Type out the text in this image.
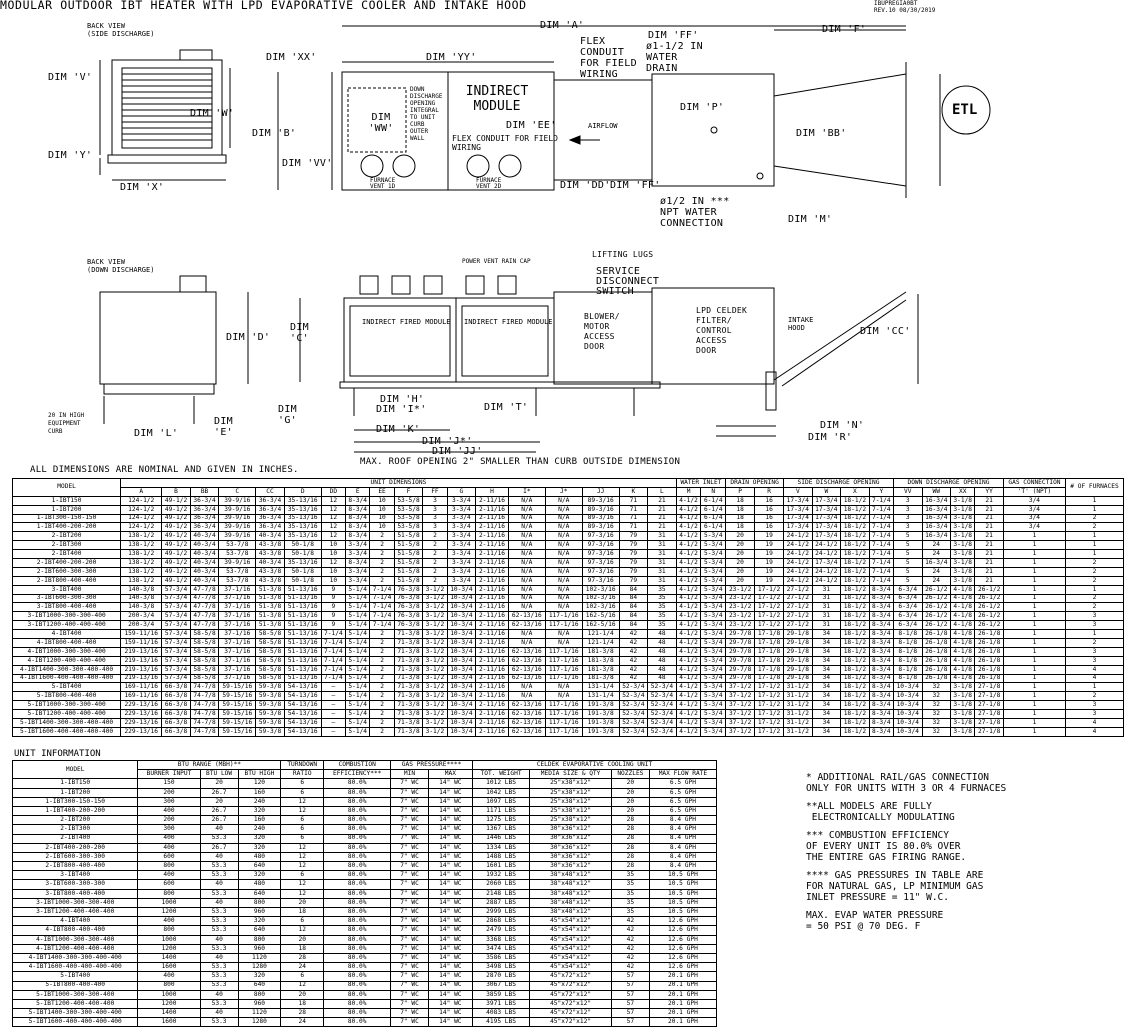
MODULAR OUTDOOR IBT HEATER WITH LPD EVAPORATIVE COOLER AND INTAKE HOOD	IBUPREGIA0BT
REV.10 08/30/2019
BACK VIEW
(SIDE DISCHARGE)
DIM 'V'
DIM 'W'
DIM 'Y'
DIM 'X'
DIM 'A'	DIM 'F'
DIM 'FF'
ø1-1/2 IN
WATER
DRAIN
FLEX
CONDUIT
FOR FIELD
WIRING
DIM 'XX'	DIM 'YY'
DIM 'B'
DIM 'VV'
DIM 'WW'
DOWN DISCHARGE OPENING INTEGRAL TO UNIT CURB OUTER WALL
INDIRECT MODULE
DIM 'EE'
FLEX CONDUIT FOR FIELD WIRING
FURNACE VENT 1D
FURNACE VENT 2D
AIRFLOW
DIM 'P'
DIM 'BB'
DIM 'DD' DIM 'FF'
ø1/2 IN ***
NPT WATER
CONNECTION	DIM 'M'
ETL
BACK VIEW
(DOWN DISCHARGE)
POWER VENT RAIN CAP
LIFTING LUGS
SERVICE
DISCONNECT
SWITCH
DIM 'D'
DIM 'C'
INDIRECT FIRED MODULE INDIRECT FIRED MODULE
BLOWER/
MOTOR
ACCESS
DOOR
LPD CELDEK
FILTER/
CONTROL
ACCESS
DOOR
INTAKE
HOOD	DIM 'CC'
20 IN HIGH
EQUIPMENT
CURB	DIM 'L'
DIM 'E'
DIM 'G'
DIM 'H'
DIM 'I*'	DIM 'T'
DIM 'K'
DIM 'J*'
DIM 'JJ'
DIM 'N'
DIM 'R'
MAX. ROOF OPENING 2" SMALLER THAN CURB OUTSIDE DIMENSION
ALL DIMENSIONS ARE NOMINAL AND GIVEN IN INCHES.
MODEL	UNIT DIMENSIONS																		WATER INLET		DRAIN OPENING		SIDE DISCHARGE OPENING				DOWN DISCHARGE OPENING				GAS CONNECTION	# OF FURNACES
	A	B	BB	C	CC	D	DD	E	EE	F	FF	G	H	I*	J*	JJ	K	L	M	N	P	R	V	W	X	Y	VV	WW	XX	YY	'T' (NPT)	
1-IBT150	124-1/2	49-1/2	36-3/4	39-9/16	36-3/4	35-13/16	12	8-3/4	10	53-5/8	3	3-3/4	2-11/16	N/A	N/A	89-3/16	71	21	4-1/2	6-1/4	18	16	17-3/4	17-3/4	18-1/2	7-1/4	3	16-3/4	3-1/8	21	3/4	1
1-IBT200	124-1/2	49-1/2	36-3/4	39-9/16	36-3/4	35-13/16	12	8-3/4	10	53-5/8	3	3-3/4	2-11/16	N/A	N/A	89-3/16	71	21	4-1/2	6-1/4	18	16	17-3/4	17-3/4	18-1/2	7-1/4	3	16-3/4	3-1/8	21	3/4	1
1-IBT300-150-150	124-1/2	49-1/2	36-3/4	39-9/16	36-3/4	35-13/16	12	8-3/4	10	53-5/8	3	3-3/4	2-11/16	N/A	N/A	89-3/16	71	21	4-1/2	6-1/4	18	16	17-3/4	17-3/4	18-1/2	7-1/4	3	16-3/4	3-1/8	21	3/4	2
1-IBT400-200-200	124-1/2	49-1/2	36-3/4	39-9/16	36-3/4	35-13/16	12	8-3/4	10	53-5/8	3	3-3/4	2-11/16	N/A	N/A	89-3/16	71	21	4-1/2	6-1/4	18	16	17-3/4	17-3/4	18-1/2	7-1/4	3	16-3/4	3-1/8	21	3/4	2
2-IBT200	138-1/2	49-1/2	40-3/4	39-9/16	40-3/4	35-13/16	12	8-3/4	2	51-5/8	2	3-3/4	2-11/16	N/A	N/A	97-3/16	79	31	4-1/2	5-3/4	20	19	24-1/2	17-3/4	18-1/2	7-1/4	5	16-3/4	3-1/8	21	1	1
2-IBT300	138-1/2	49-1/2	40-3/4	53-7/8	43-3/8	50-1/8	10	3-3/4	2	51-5/8	2	3-3/4	2-11/16	N/A	N/A	97-3/16	79	31	4-1/2	5-3/4	20	19	24-1/2	24-1/2	18-1/2	7-1/4	5	24	3-1/8	21	1	1
2-IBT400	138-1/2	49-1/2	40-3/4	53-7/8	43-3/8	50-1/8	10	3-3/4	2	51-5/8	2	3-3/4	2-11/16	N/A	N/A	97-3/16	79	31	4-1/2	5-3/4	20	19	24-1/2	24-1/2	18-1/2	7-1/4	5	24	3-1/8	21	1	1
2-IBT400-200-200	138-1/2	49-1/2	40-3/4	39-9/16	40-3/4	35-13/16	12	8-3/4	2	51-5/8	2	3-3/4	2-11/16	N/A	N/A	97-3/16	79	31	4-1/2	5-3/4	20	19	24-1/2	17-3/4	18-1/2	7-1/4	5	16-3/4	3-1/8	21	1	2
2-IBT600-300-300	138-1/2	49-1/2	40-3/4	53-7/8	43-3/8	50-1/8	10	3-3/4	2	51-5/8	2	3-3/4	2-11/16	N/A	N/A	97-3/16	79	31	4-1/2	5-3/4	20	19	24-1/2	24-1/2	18-1/2	7-1/4	5	24	3-1/8	21	1	2
2-IBT800-400-400	138-1/2	49-1/2	40-3/4	53-7/8	43-3/8	50-1/8	10	3-3/4	2	51-5/8	2	3-3/4	2-11/16	N/A	N/A	97-3/16	79	31	4-1/2	5-3/4	20	19	24-1/2	24-1/2	18-1/2	7-1/4	5	24	3-1/8	21	1	2
3-IBT400	140-3/8	57-3/4	47-7/8	37-1/16	51-3/8	51-13/16	9	5-1/4	7-1/4	76-3/8	3-1/2	10-3/4	2-11/16	N/A	N/A	102-3/16	84	35	4-1/2	5-3/4	23-1/2	17-1/2	27-1/2	31	18-1/2	8-3/4	6-3/4	26-1/2	4-1/8	26-1/2	1	1
3-IBT600-300-300	140-3/8	57-3/4	47-7/8	37-1/16	51-3/8	51-13/16	9	5-1/4	7-1/4	76-3/8	3-1/2	10-3/4	2-11/16	N/A	N/A	102-3/16	84	35	4-1/2	5-3/4	23-1/2	17-1/2	27-1/2	31	18-1/2	8-3/4	6-3/4	26-1/2	4-1/8	26-1/2	1	2
3-IBT800-400-400	140-3/8	57-3/4	47-7/8	37-1/16	51-3/8	51-13/16	9	5-1/4	7-1/4	76-3/8	3-1/2	10-3/4	2-11/16	N/A	N/A	102-3/16	84	35	4-1/2	5-3/4	23-1/2	17-1/2	27-1/2	31	18-1/2	8-3/4	6-3/4	26-1/2	4-1/8	26-1/2	1	2
3-IBT1000-300-300-400	200-3/4	57-3/4	47-7/8	37-1/16	51-3/8	51-13/16	9	5-1/4	7-1/4	76-3/8	3-1/2	10-3/4	2-11/16	62-13/16	117-1/16	162-5/16	84	35	4-1/2	5-3/4	23-1/2	17-1/2	27-1/2	31	18-1/2	8-3/4	6-3/4	26-1/2	4-1/8	26-1/2	1	3
3-IBT1200-400-400-400	200-3/4	57-3/4	47-7/8	37-1/16	51-3/8	51-13/16	9	5-1/4	7-1/4	76-3/8	3-1/2	10-3/4	2-11/16	62-13/16	117-1/16	162-5/16	84	35	4-1/2	5-3/4	23-1/2	17-1/2	27-1/2	31	18-1/2	8-3/4	6-3/4	26-1/2	4-1/8	26-1/2	1	3
4-IBT400	159-11/16	57-3/4	58-5/8	37-1/16	58-5/8	51-13/16	7-1/4	5-1/4	2	71-3/8	3-1/2	10-3/4	2-11/16	N/A	N/A	121-1/4	42	48	4-1/2	5-3/4	29-7/8	17-1/8	29-1/8	34	18-1/2	8-3/4	8-1/8	26-1/8	4-1/8	26-1/8	1	1
4-IBT800-400-400	159-11/16	57-3/4	58-5/8	37-1/16	58-5/8	51-13/16	7-1/4	5-1/4	2	71-3/8	3-1/2	10-3/4	2-11/16	N/A	N/A	121-1/4	42	48	4-1/2	5-3/4	29-7/8	17-1/8	29-1/8	34	18-1/2	8-3/4	8-1/8	26-1/8	4-1/8	26-1/8	1	2
4-IBT1000-300-300-400	219-13/16	57-3/4	58-5/8	37-1/16	58-5/8	51-13/16	7-1/4	5-1/4	2	71-3/8	3-1/2	10-3/4	2-11/16	62-13/16	117-1/16	181-3/8	42	48	4-1/2	5-3/4	29-7/8	17-1/8	29-1/8	34	18-1/2	8-3/4	8-1/8	26-1/8	4-1/8	26-1/8	1	3
4-IBT1200-400-400-400	219-13/16	57-3/4	58-5/8	37-1/16	58-5/8	51-13/16	7-1/4	5-1/4	2	71-3/8	3-1/2	10-3/4	2-11/16	62-13/16	117-1/16	181-3/8	42	48	4-1/2	5-3/4	29-7/8	17-1/8	29-1/8	34	18-1/2	8-3/4	8-1/8	26-1/8	4-1/8	26-1/8	1	3
4-IBT1400-300-300-400-400	219-13/16	57-3/4	58-5/8	37-1/16	58-5/8	51-13/16	7-1/4	5-1/4	2	71-3/8	3-1/2	10-3/4	2-11/16	62-13/16	117-1/16	181-3/8	42	48	4-1/2	5-3/4	29-7/8	17-1/8	29-1/8	34	18-1/2	8-3/4	8-1/8	26-1/8	4-1/8	26-1/8	1	4
4-IBT1600-400-400-400-400	219-13/16	57-3/4	58-5/8	37-1/16	58-5/8	51-13/16	7-1/4	5-1/4	2	71-3/8	3-1/2	10-3/4	2-11/16	62-13/16	117-1/16	181-3/8	42	48	4-1/2	5-3/4	29-7/8	17-1/8	29-1/8	34	18-1/2	8-3/4	8-1/8	26-1/8	4-1/8	26-1/8	1	4
5-IBT400	169-11/16	66-3/8	74-7/8	59-15/16	59-3/8	54-13/16	–	5-1/4	2	71-3/8	3-1/2	10-3/4	2-11/16	N/A	N/A	131-1/4	52-3/4	52-3/4	4-1/2	5-3/4	37-1/2	17-1/2	31-1/2	34	18-1/2	8-3/4	10-3/4	32	3-1/8	27-1/8	1	1
5-IBT800-400-400	169-11/16	66-3/8	74-7/8	59-15/16	59-3/8	54-13/16	–	5-1/4	2	71-3/8	3-1/2	10-3/4	2-11/16	N/A	N/A	131-1/4	52-3/4	52-3/4	4-1/2	5-3/4	37-1/2	17-1/2	31-1/2	34	18-1/2	8-3/4	10-3/4	32	3-1/8	27-1/8	1	2
5-IBT1000-300-300-400	229-13/16	66-3/8	74-7/8	59-15/16	59-3/8	54-13/16	–	5-1/4	2	71-3/8	3-1/2	10-3/4	2-11/16	62-13/16	117-1/16	191-3/8	52-3/4	52-3/4	4-1/2	5-3/4	37-1/2	17-1/2	31-1/2	34	18-1/2	8-3/4	10-3/4	32	3-1/8	27-1/8	1	3
5-IBT1200-400-400-400	229-13/16	66-3/8	74-7/8	59-15/16	59-3/8	54-13/16	–	5-1/4	2	71-3/8	3-1/2	10-3/4	2-11/16	62-13/16	117-1/16	191-3/8	52-3/4	52-3/4	4-1/2	5-3/4	37-1/2	17-1/2	31-1/2	34	18-1/2	8-3/4	10-3/4	32	3-1/8	27-1/8	1	3
5-IBT1400-300-300-400-400	229-13/16	66-3/8	74-7/8	59-15/16	59-3/8	54-13/16	–	5-1/4	2	71-3/8	3-1/2	10-3/4	2-11/16	62-13/16	117-1/16	191-3/8	52-3/4	52-3/4	4-1/2	5-3/4	37-1/2	17-1/2	31-1/2	34	18-1/2	8-3/4	10-3/4	32	3-1/8	27-1/8	1	4
5-IBT1600-400-400-400-400	229-13/16	66-3/8	74-7/8	59-15/16	59-3/8	54-13/16	–	5-1/4	2	71-3/8	3-1/2	10-3/4	2-11/16	62-13/16	117-1/16	191-3/8	52-3/4	52-3/4	4-1/2	5-3/4	37-1/2	17-1/2	31-1/2	34	18-1/2	8-3/4	10-3/4	32	3-1/8	27-1/8	1	4
UNIT INFORMATION
MODEL	BTU RANGE (MBH)**			TURNDOWN	COMBUSTION	GAS PRESSURE****		CELDEK EVAPORATIVE COOLING UNIT			
	BURNER INPUT	BTU LOW	BTU HIGH	RATIO	EFFICIENCY***	MIN	MAX	TOT. WEIGHT	MEDIA SIZE & QTY	NOZZLES	MAX FLOW RATE
1-IBT150	150	20	120	6	80.0%	7" WC	14" WC	1012 LBS	25"x38"x12"	20	6.5 GPH
1-IBT200	200	26.7	160	6	80.0%	7" WC	14" WC	1042 LBS	25"x38"x12"	20	6.5 GPH
1-IBT300-150-150	300	20	240	12	80.0%	7" WC	14" WC	1097 LBS	25"x38"x12"	20	6.5 GPH
1-IBT400-200-200	400	26.7	320	12	80.0%	7" WC	14" WC	1171 LBS	25"x38"x12"	20	6.5 GPH
2-IBT200	200	26.7	160	6	80.0%	7" WC	14" WC	1275 LBS	25"x38"x12"	28	8.4 GPH
2-IBT300	300	40	240	6	80.0%	7" WC	14" WC	1367 LBS	30"x36"x12"	28	8.4 GPH
2-IBT400	400	53.3	320	6	80.0%	7" WC	14" WC	1446 LBS	30"x36"x12"	28	8.4 GPH
2-IBT400-200-200	400	26.7	320	12	80.0%	7" WC	14" WC	1334 LBS	30"x36"x12"	28	8.4 GPH
2-IBT600-300-300	600	40	480	12	80.0%	7" WC	14" WC	1488 LBS	30"x36"x12"	28	8.4 GPH
2-IBT800-400-400	800	53.3	640	12	80.0%	7" WC	14" WC	1601 LBS	30"x36"x12"	28	8.4 GPH
3-IBT400	400	53.3	320	6	80.0%	7" WC	14" WC	1932 LBS	38"x48"x12"	35	10.5 GPH
3-IBT600-300-300	600	40	480	12	80.0%	7" WC	14" WC	2060 LBS	38"x48"x12"	35	10.5 GPH
3-IBT800-400-400	800	53.3	640	12	80.0%	7" WC	14" WC	2148 LBS	38"x48"x12"	35	10.5 GPH
3-IBT1000-300-300-400	1000	40	800	20	80.0%	7" WC	14" WC	2887 LBS	38"x48"x12"	35	10.5 GPH
3-IBT1200-400-400-400	1200	53.3	960	18	80.0%	7" WC	14" WC	2999 LBS	38"x48"x12"	35	10.5 GPH
4-IBT400	400	53.3	320	6	80.0%	7" WC	14" WC	2868 LBS	45"x54"x12"	42	12.6 GPH
4-IBT800-400-400	800	53.3	640	12	80.0%	7" WC	14" WC	2479 LBS	45"x54"x12"	42	12.6 GPH
4-IBT1000-300-300-400	1000	40	800	20	80.0%	7" WC	14" WC	3368 LBS	45"x54"x12"	42	12.6 GPH
4-IBT1200-400-400-400	1200	53.3	960	18	80.0%	7" WC	14" WC	3474 LBS	45"x54"x12"	42	12.6 GPH
4-IBT1400-300-300-400-400	1400	40	1120	28	80.0%	7" WC	14" WC	3586 LBS	45"x54"x12"	42	12.6 GPH
4-IBT1600-400-400-400-400	1600	53.3	1280	24	80.0%	7" WC	14" WC	3498 LBS	45"x54"x12"	42	12.6 GPH
5-IBT400	400	53.3	320	6	80.0%	7" WC	14" WC	2870 LBS	45"x72"x12"	57	20.1 GPH
5-IBT800-400-400	800	53.3	640	12	80.0%	7" WC	14" WC	3067 LBS	45"x72"x12"	57	20.1 GPH
5-IBT1000-300-300-400	1000	40	800	20	80.0%	7" WC	14" WC	3859 LBS	45"x72"x12"	57	20.1 GPH
5-IBT1200-400-400-400	1200	53.3	960	18	80.0%	7" WC	14" WC	3971 LBS	45"x72"x12"	57	20.1 GPH
5-IBT1400-300-300-400-400	1400	40	1120	28	80.0%	7" WC	14" WC	4083 LBS	45"x72"x12"	57	20.1 GPH
5-IBT1600-400-400-400-400	1600	53.3	1280	24	80.0%	7" WC	14" WC	4195 LBS	45"x72"x12"	57	20.1 GPH

* ADDITIONAL RAIL/GAS CONNECTION
ONLY FOR UNITS WITH 3 OR 4 FURNACES

**ALL MODELS ARE FULLY
ELECTRONICALLY MODULATING

*** COMBUSTION EFFICIENCY
OF EVERY UNIT IS 80.0% OVER
THE ENTIRE GAS FIRING RANGE.

**** GAS PRESSURES IN TABLE ARE
FOR NATURAL GAS, LP MINIMUM GAS
INLET PRESSURE = 11" W.C.

MAX. EVAP WATER PRESSURE
= 50 PSI @ 70 DEG. F
